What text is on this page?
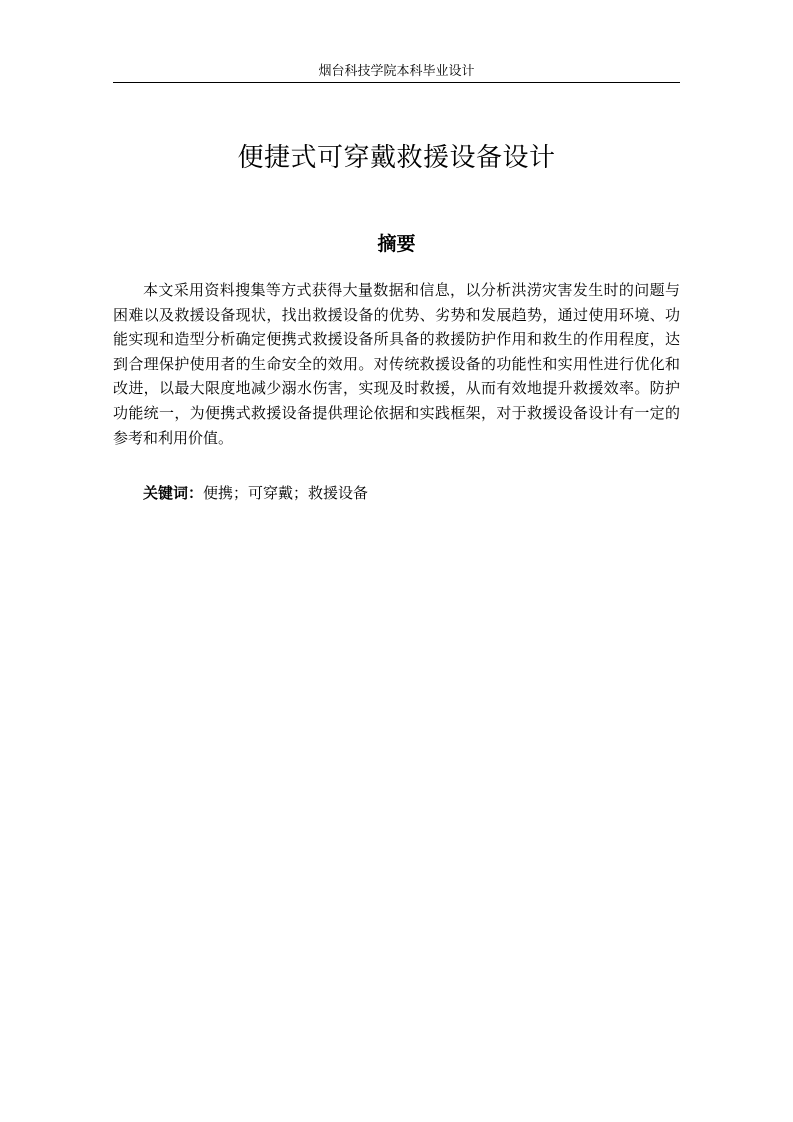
烟台科技学院本科毕业设计
便捷式可穿戴救援设备设计
摘要

本文采用资料搜集等方式获得大量数据和信息，以分析洪涝灾害发生时的问题与困难以及救援设备现状，找出救援设备的优势、劣势和发展趋势，通过使用环境、功能实现和造型分析确定便携式救援设备所具备的救援防护作用和救生的作用程度，达到合理保护使用者的生命安全的效用。对传统救援设备的功能性和实用性进行优化和改进，以最大限度地减少溺水伤害，实现及时救援，从而有效地提升救援效率。防护功能统一，为便携式救援设备提供理论依据和实践框架，对于救援设备设计有一定的参考和利用价值。

关键词：便携；可穿戴；救援设备
